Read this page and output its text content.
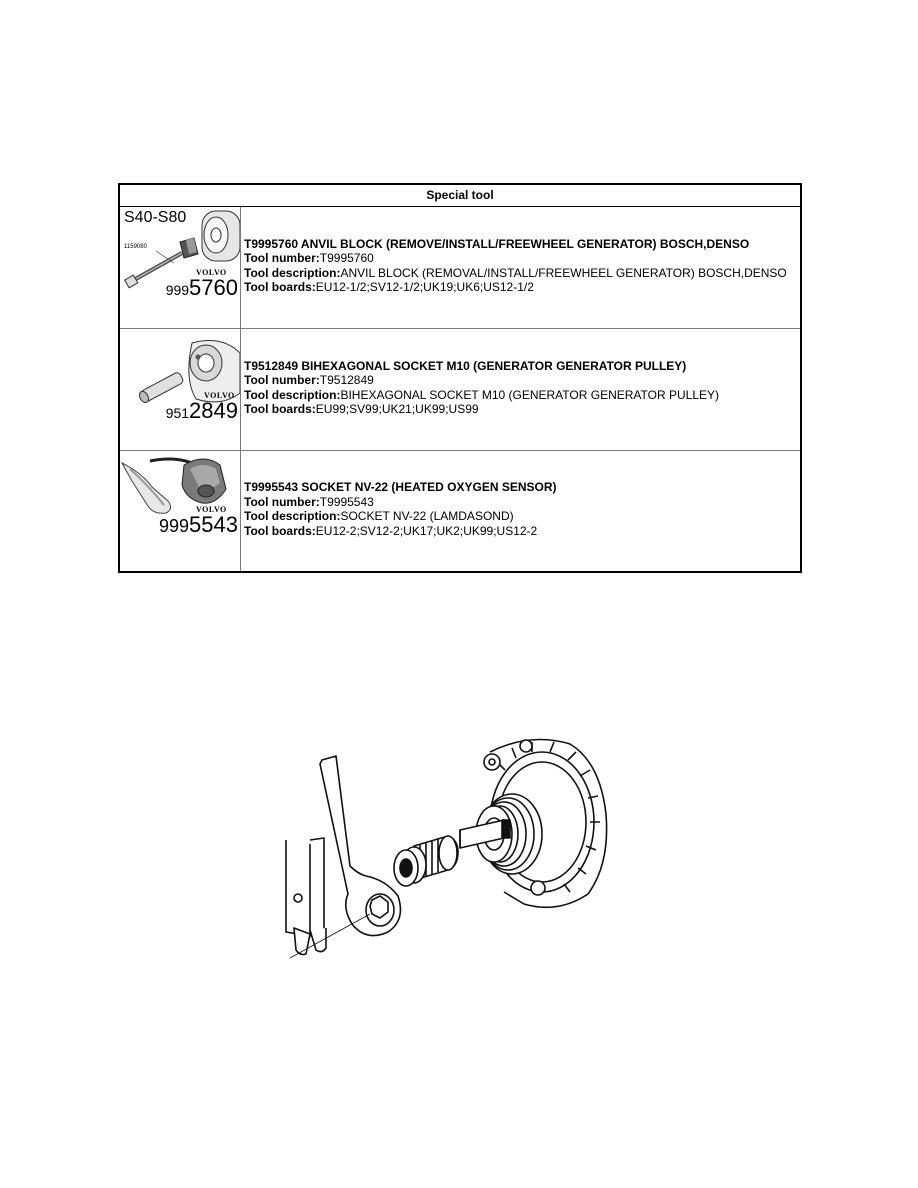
Special tool
S40-S80
1159080
VOLVO
9995760
T9995760 ANVIL BLOCK (REMOVE/INSTALL/FREEWHEEL GENERATOR) BOSCH,DENSO
Tool number:T9995760
Tool description:ANVIL BLOCK (REMOVAL/INSTALL/FREEWHEEL GENERATOR) BOSCH,DENSO
Tool boards:EU12-1/2;SV12-1/2;UK19;UK6;US12-1/2
VOLVO
9512849
T9512849 BIHEXAGONAL SOCKET M10 (GENERATOR GENERATOR PULLEY)
Tool number:T9512849
Tool description:BIHEXAGONAL SOCKET M10 (GENERATOR GENERATOR PULLEY)
Tool boards:EU99;SV99;UK21;UK99;US99
VOLVO
9995543
T9995543 SOCKET NV-22 (HEATED OXYGEN SENSOR)
Tool number:T9995543
Tool description:SOCKET NV-22 (LAMDASOND)
Tool boards:EU12-2;SV12-2;UK17;UK2;UK99;US12-2
